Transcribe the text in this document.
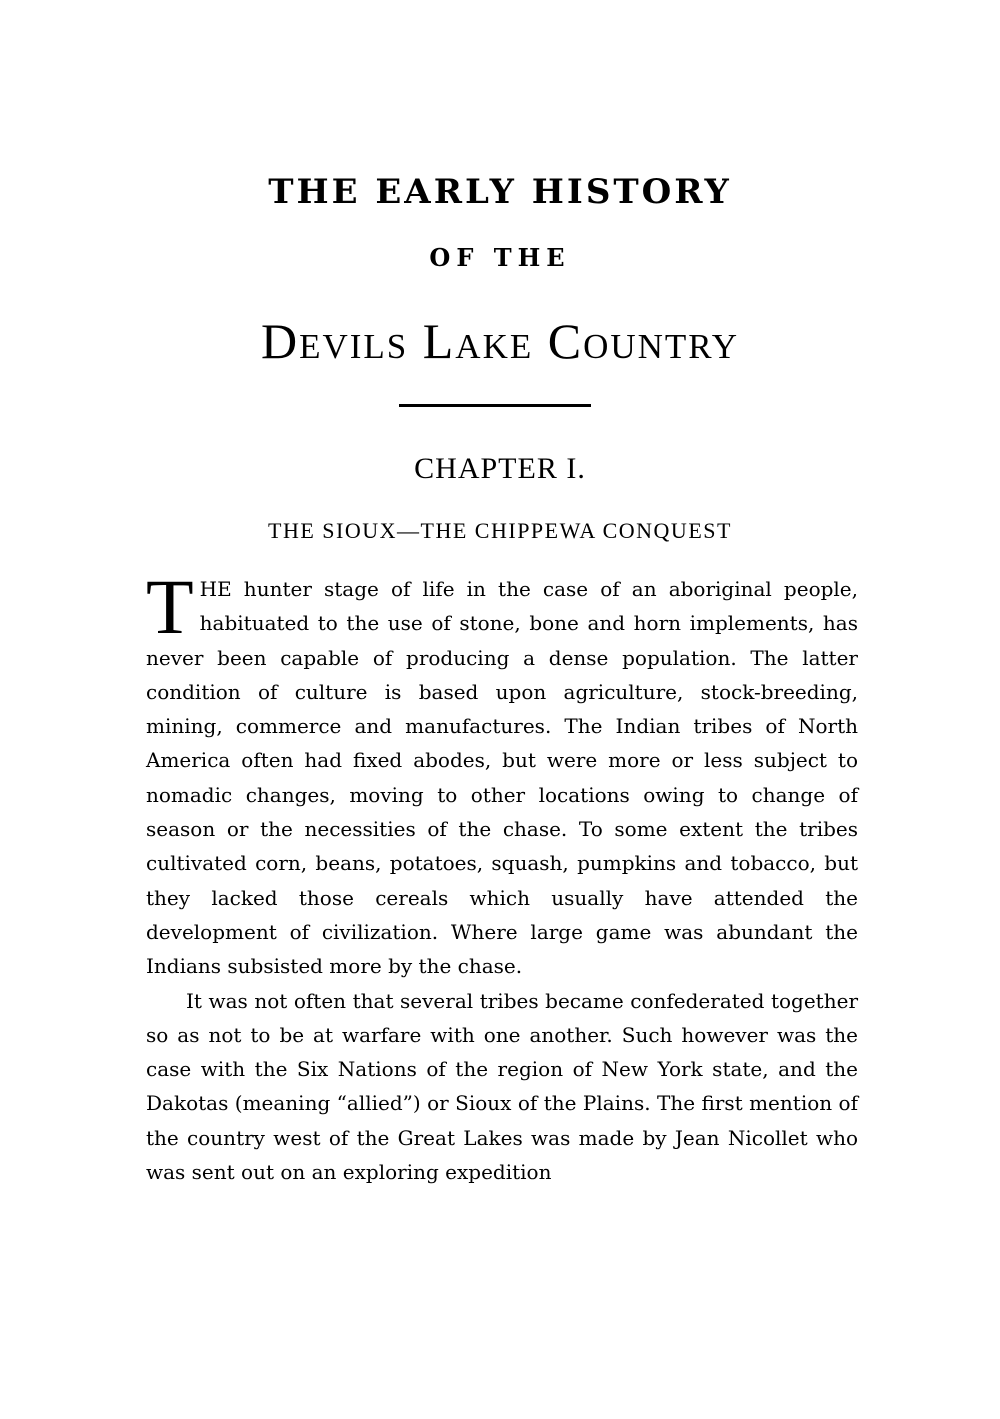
THE EARLY HISTORY
OF THE
Devils Lake Country
CHAPTER I.
THE SIOUX—THE CHIPPEWA CONQUEST

THE hunter stage of life in the case of an aboriginal people, habituated to the use of stone, bone and horn implements, has never been capable of producing a dense population. The latter condition of culture is based upon agriculture, stock-breeding, mining, commerce and manufactures. The Indian tribes of North America often had fixed abodes, but were more or less subject to nomadic changes, moving to other locations owing to change of season or the necessities of the chase. To some extent the tribes cultivated corn, beans, potatoes, squash, pumpkins and tobacco, but they lacked those cereals which usually have attended the development of civilization. Where large game was abundant the Indians subsisted more by the chase.

It was not often that several tribes became confederated together so as not to be at warfare with one another. Such however was the case with the Six Nations of the region of New York state, and the Dakotas (meaning “allied”) or Sioux of the Plains. The first mention of the country west of the Great Lakes was made by Jean Nicollet who was sent out on an exploring expedition
